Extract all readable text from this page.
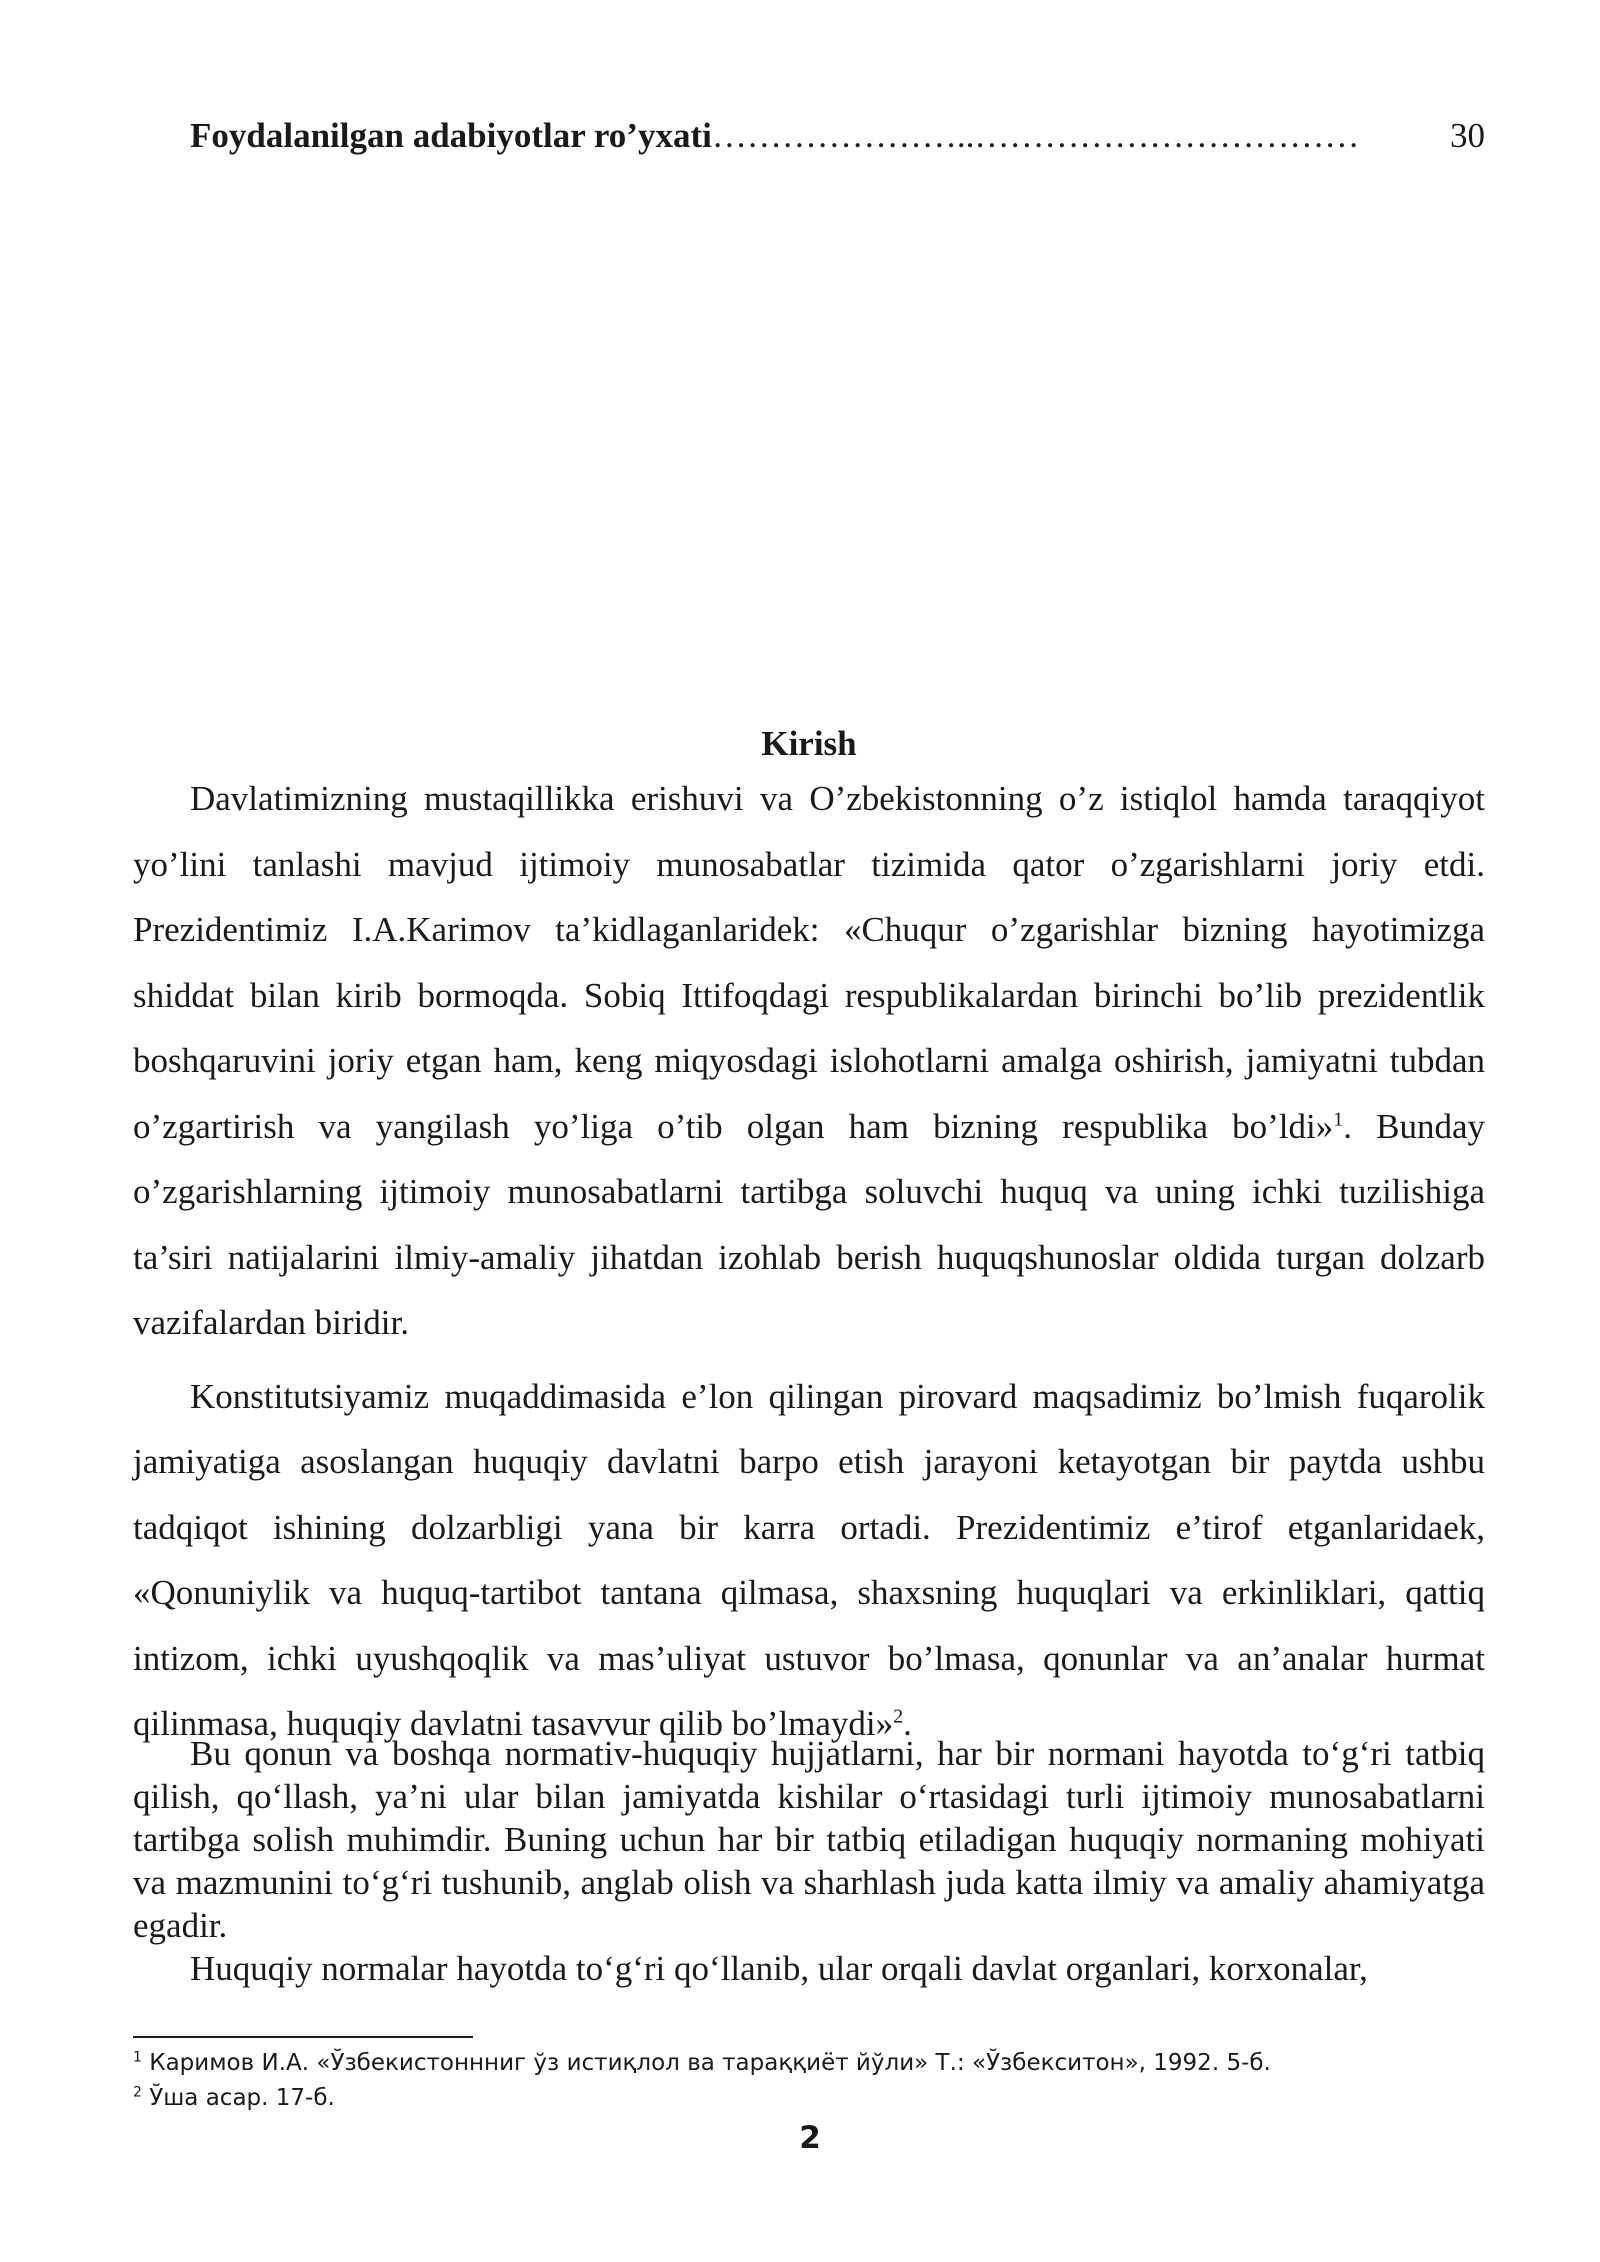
Foydalanilgan adabiyotlar ro’yxati …………………..……………………………	30
Kirish

Davlatimizning mustaqillikka erishuvi va O’zbekistonning o’z istiqlol hamda taraqqiyot yo’lini tanlashi mavjud ijtimoiy munosabatlar tizimida qator o’zgarishlarni joriy etdi. Prezidentimiz I.A.Karimov ta’kidlaganlaridek: «Chuqur o’zgarishlar bizning hayotimizga shiddat bilan kirib bormoqda. Sobiq Ittifoqdagi respublikalardan birinchi bo’lib prezidentlik boshqaruvini joriy etgan ham, keng miqyosdagi islohotlarni amalga oshirish, jamiyatni tubdan o’zgartirish va yangilash yo’liga o’tib olgan ham bizning respublika bo’ldi»$^1$. Bunday o’zgarishlarning ijtimoiy munosabatlarni tartibga soluvchi huquq va uning ichki tuzilishiga ta’siri natijalarini ilmiy-amaliy jihatdan izohlab berish huquqshunoslar oldida turgan dolzarb vazifalardan biridir.

Konstitutsiyamiz muqaddimasida e’lon qilingan pirovard maqsadimiz bo’lmish fuqarolik jamiyatiga asoslangan huquqiy davlatni barpo etish jarayoni ketayotgan bir paytda ushbu tadqiqot ishining dolzarbligi yana bir karra ortadi. Prezidentimiz e’tirof etganlaridaek, «Qonuniylik va huquq-tartibot tantana qilmasa, shaxsning huquqlari va erkinliklari, qattiq intizom, ichki uyushqoqlik va mas’uliyat ustuvor bo’lmasa, qonunlar va an’analar hurmat qilinmasa, huquqiy davlatni tasavvur qilib bo’lmaydi»$^2$.

Bu qonun va boshqa normativ-huquqiy hujjatlarni, har bir normani hayotda to‘g‘ri tatbiq qilish, qo‘llash, ya’ni ular bilan jamiyatda kishilar o‘rtasidagi turli ijtimoiy munosabatlarni tartibga solish muhimdir. Buning uchun har bir tatbiq etiladigan huquqiy normaning mohiyati va mazmunini to‘g‘ri tushunib, anglab olish va sharhlash juda katta ilmiy va amaliy ahamiyatga egadir.

Huquqiy normalar hayotda to‘g‘ri qo‘llanib, ular orqali davlat organlari, korxonalar,

$^1$ Каримов И.А. «Ўзбекистоннниг ўз истиқлол ва тараққиёт йўли» Т.: «Ўзбекситон», 1992. 5-б.
$^2$ Ўша асар. 17-б.
2
